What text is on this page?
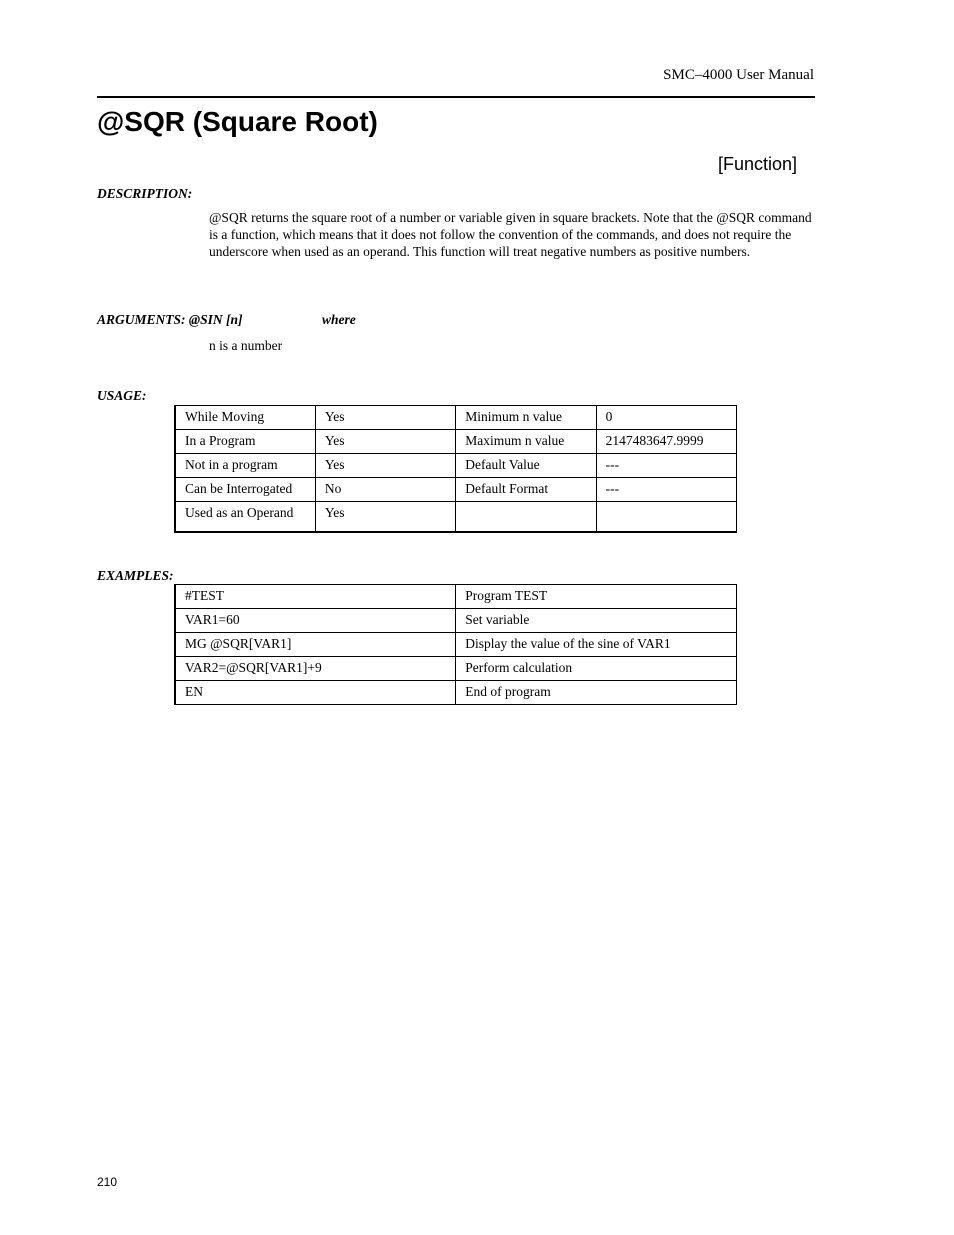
SMC–4000 User Manual
@SQR (Square Root)
[Function]
DESCRIPTION:

@SQR returns the square root of a number or variable given in square brackets. Note that the @SQR command is a function, which means that it does not follow the convention of the commands, and does not require the underscore when used as an operand. This function will treat negative numbers as positive numbers.

ARGUMENTS: @SIN [n]	where
n is a number
USAGE:
While Moving	Yes	Minimum n value	0
In a Program	Yes	Maximum n value	2147483647.9999
Not in a program	Yes	Default Value	---
Can be Interrogated	No	Default Format	---
Used as an Operand	Yes		
EXAMPLES:
#TEST	Program TEST
VAR1=60	Set variable
MG @SQR[VAR1]	Display the value of the sine of VAR1
VAR2=@SQR[VAR1]+9	Perform calculation
EN	End of program
210
